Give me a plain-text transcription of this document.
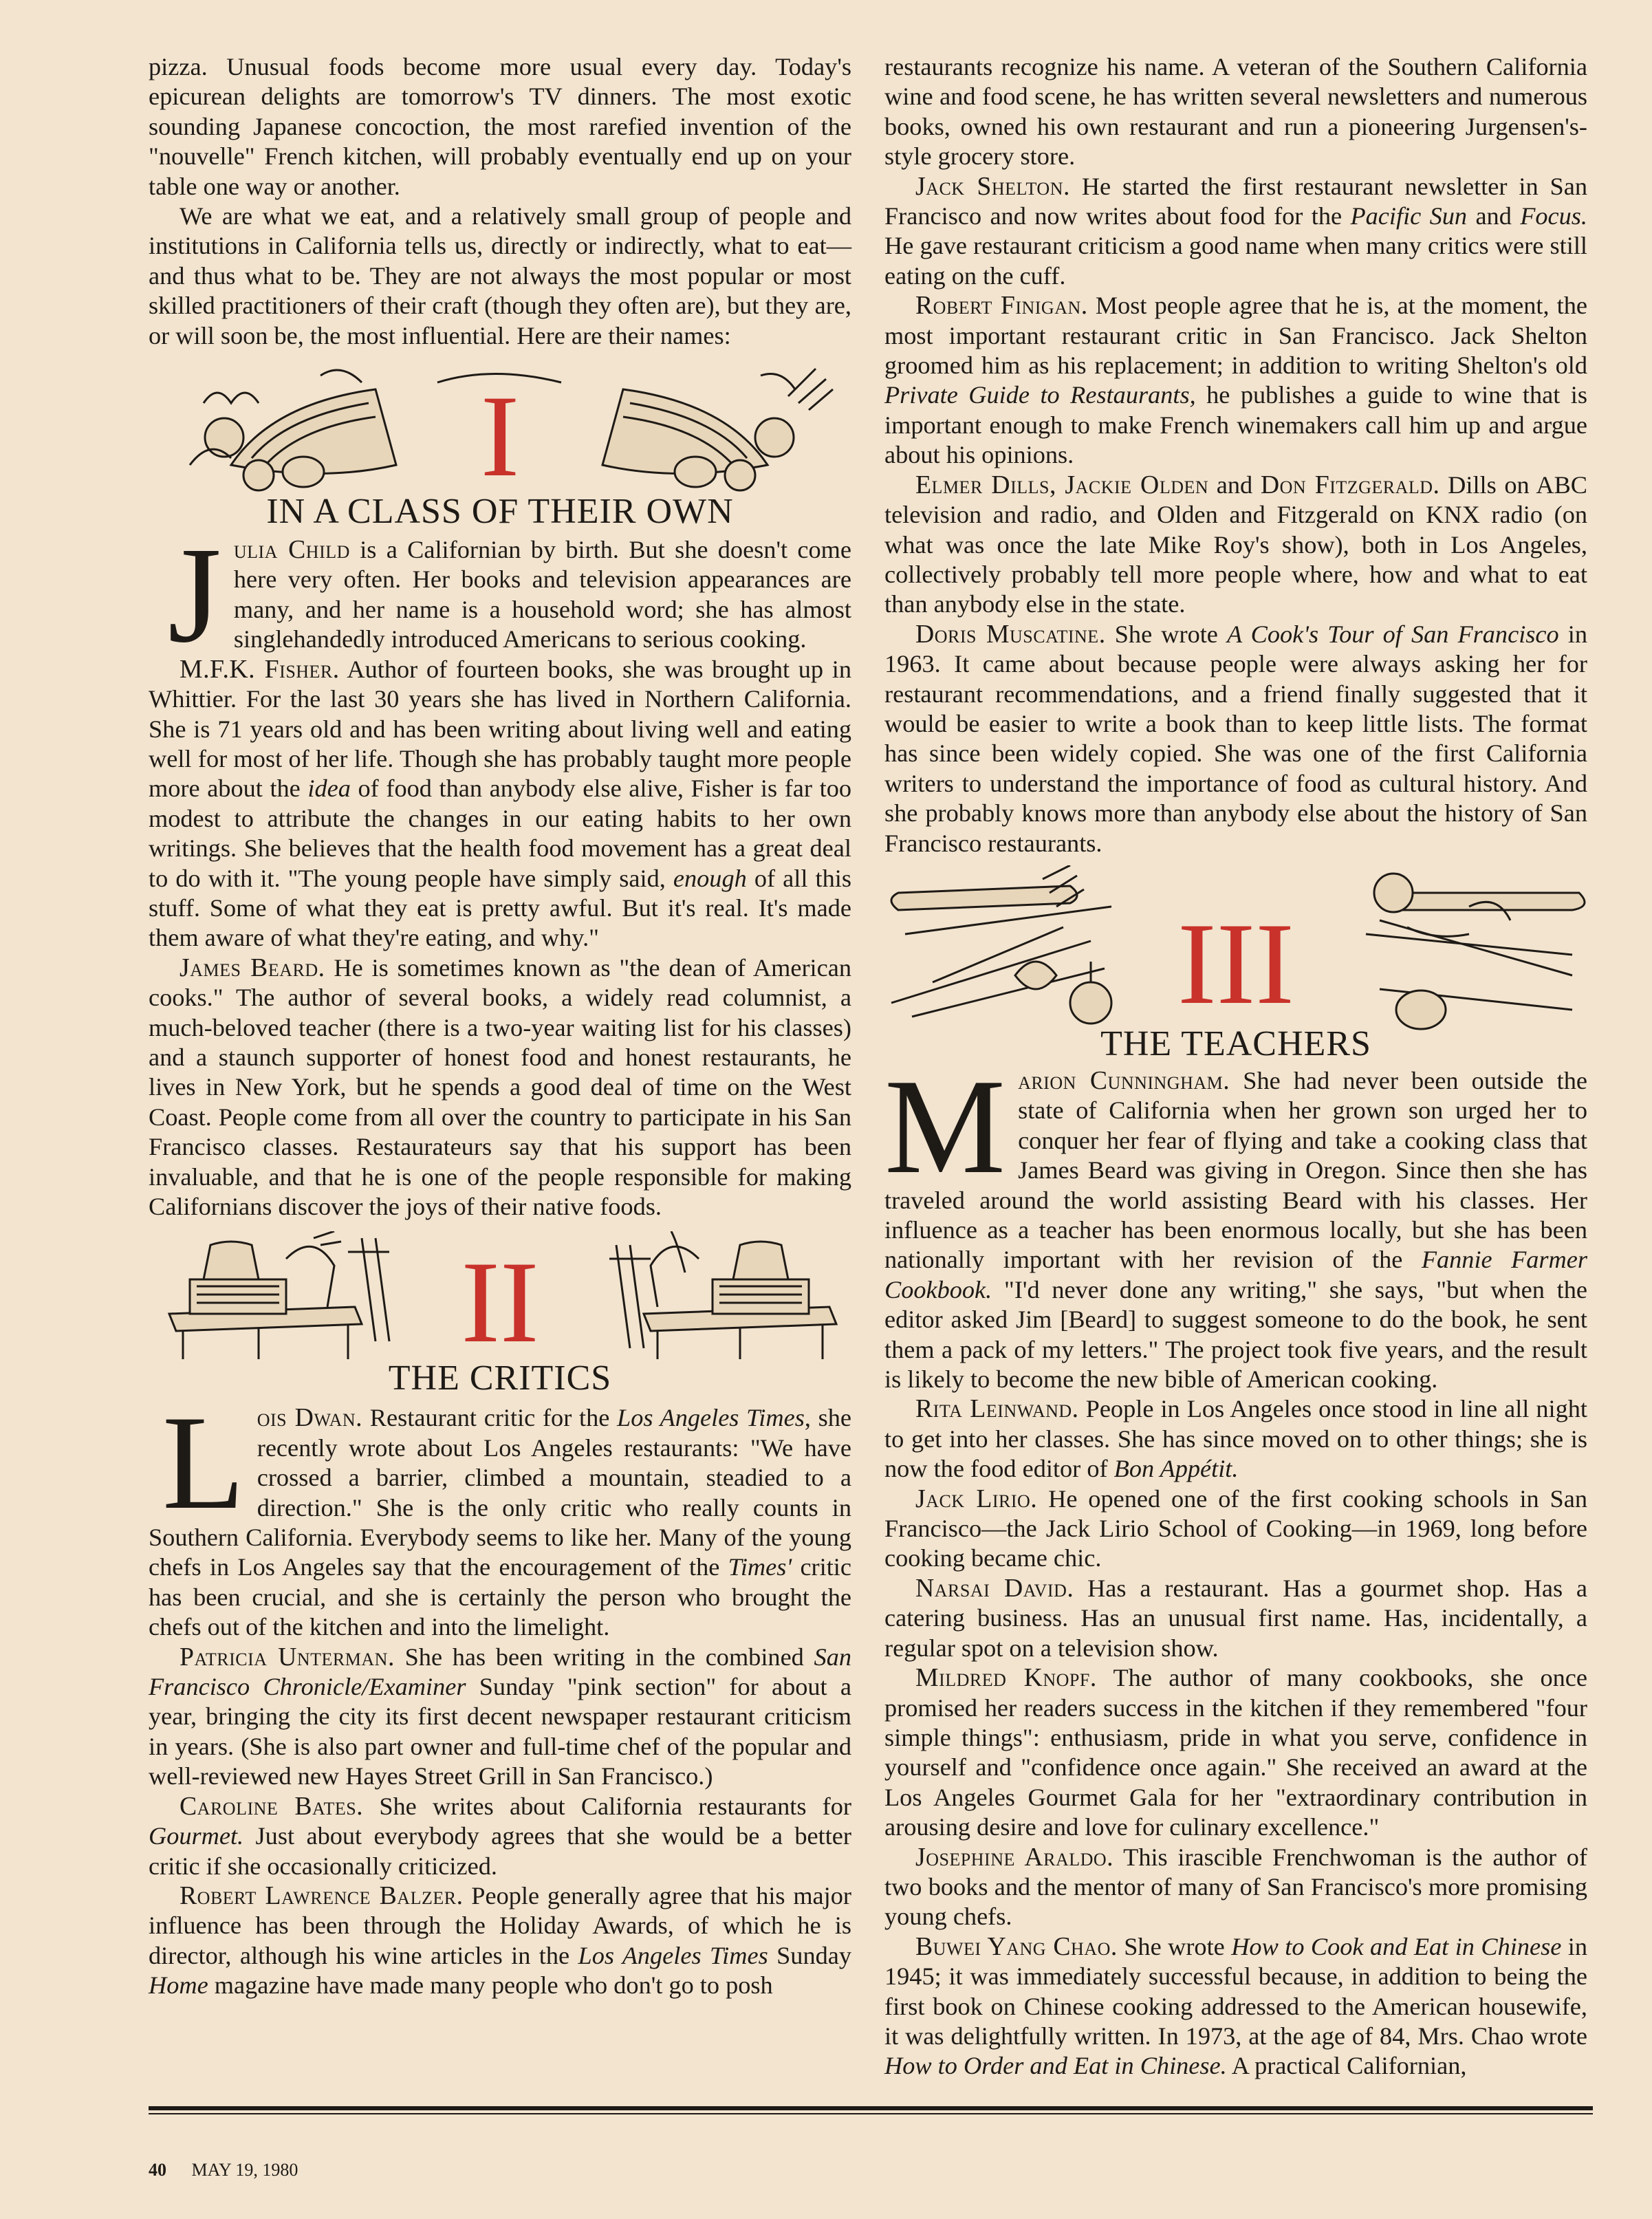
pizza. Unusual foods become more usual every day. Today's epicurean delights are tomorrow's TV dinners. The most exotic sounding Japanese concoction, the most rarefied invention of the "nouvelle" French kitchen, will probably eventually end up on your table one way or another.

We are what we eat, and a relatively small group of people and institutions in California tells us, directly or indirectly, what to eat—and thus what to be. They are not always the most popular or most skilled practitioners of their craft (though they often are), but they are, or will soon be, the most influential. Here are their names:

I
IN A CLASS OF THEIR OWN

Julia Child is a Californian by birth. But she doesn't come here very often. Her books and television appearances are many, and her name is a household word; she has almost singlehandedly introduced Americans to serious cooking.

M.F.K. Fisher. Author of fourteen books, she was brought up in Whittier. For the last 30 years she has lived in Northern California. She is 71 years old and has been writing about living well and eating well for most of her life. Though she has probably taught more people more about the idea of food than anybody else alive, Fisher is far too modest to attribute the changes in our eating habits to her own writings. She believes that the health food movement has a great deal to do with it. "The young people have simply said, enough of all this stuff. Some of what they eat is pretty awful. But it's real. It's made them aware of what they're eating, and why."

James Beard. He is sometimes known as "the dean of American cooks." The author of several books, a widely read columnist, a much-beloved teacher (there is a two-year waiting list for his classes) and a staunch supporter of honest food and honest restaurants, he lives in New York, but he spends a good deal of time on the West Coast. People come from all over the country to participate in his San Francisco classes. Restaurateurs say that his support has been invaluable, and that he is one of the people responsible for making Californians discover the joys of their native foods.

II
THE CRITICS

Lois Dwan. Restaurant critic for the Los Angeles Times, she recently wrote about Los Angeles restaurants: "We have crossed a barrier, climbed a mountain, steadied to a direction." She is the only critic who really counts in Southern California. Everybody seems to like her. Many of the young chefs in Los Angeles say that the encouragement of the Times' critic has been crucial, and she is certainly the person who brought the chefs out of the kitchen and into the limelight.

Patricia Unterman. She has been writing in the combined San Francisco Chronicle/Examiner Sunday "pink section" for about a year, bringing the city its first decent newspaper restaurant criticism in years. (She is also part owner and full-time chef of the popular and well-reviewed new Hayes Street Grill in San Francisco.)

Caroline Bates. She writes about California restaurants for Gourmet. Just about everybody agrees that she would be a better critic if she occasionally criticized.

Robert Lawrence Balzer. People generally agree that his major influence has been through the Holiday Awards, of which he is director, although his wine articles in the Los Angeles Times Sunday Home magazine have made many people who don't go to posh

restaurants recognize his name. A veteran of the Southern California wine and food scene, he has written several newsletters and numerous books, owned his own restaurant and run a pioneering Jurgensen's-style grocery store.

Jack Shelton. He started the first restaurant newsletter in San Francisco and now writes about food for the Pacific Sun and Focus. He gave restaurant criticism a good name when many critics were still eating on the cuff.

Robert Finigan. Most people agree that he is, at the moment, the most important restaurant critic in San Francisco. Jack Shelton groomed him as his replacement; in addition to writing Shelton's old Private Guide to Restaurants, he publishes a guide to wine that is important enough to make French winemakers call him up and argue about his opinions.

Elmer Dills, Jackie Olden and Don Fitzgerald. Dills on ABC television and radio, and Olden and Fitzgerald on KNX radio (on what was once the late Mike Roy's show), both in Los Angeles, collectively probably tell more people where, how and what to eat than anybody else in the state.

Doris Muscatine. She wrote A Cook's Tour of San Francisco in 1963. It came about because people were always asking her for restaurant recommendations, and a friend finally suggested that it would be easier to write a book than to keep little lists. The format has since been widely copied. She was one of the first California writers to understand the importance of food as cultural history. And she probably knows more than anybody else about the history of San Francisco restaurants.

III
THE TEACHERS

Marion Cunningham. She had never been outside the state of California when her grown son urged her to conquer her fear of flying and take a cooking class that James Beard was giving in Oregon. Since then she has traveled around the world assisting Beard with his classes. Her influence as a teacher has been enormous locally, but she has been nationally important with her revision of the Fannie Farmer Cookbook. "I'd never done any writing," she says, "but when the editor asked Jim [Beard] to suggest someone to do the book, he sent them a pack of my letters." The project took five years, and the result is likely to become the new bible of American cooking.

Rita Leinwand. People in Los Angeles once stood in line all night to get into her classes. She has since moved on to other things; she is now the food editor of Bon Appétit.

Jack Lirio. He opened one of the first cooking schools in San Francisco—the Jack Lirio School of Cooking—in 1969, long before cooking became chic.

Narsai David. Has a restaurant. Has a gourmet shop. Has a catering business. Has an unusual first name. Has, incidentally, a regular spot on a television show.

Mildred Knopf. The author of many cookbooks, she once promised her readers success in the kitchen if they remembered "four simple things": enthusiasm, pride in what you serve, confidence in yourself and "confidence once again." She received an award at the Los Angeles Gourmet Gala for her "extraordinary contribution in arousing desire and love for culinary excellence."

Josephine Araldo. This irascible Frenchwoman is the author of two books and the mentor of many of San Francisco's more promising young chefs.

Buwei Yang Chao. She wrote How to Cook and Eat in Chinese in 1945; it was immediately successful because, in addition to being the first book on Chinese cooking addressed to the American housewife, it was delightfully written. In 1973, at the age of 84, Mrs. Chao wrote How to Order and Eat in Chinese. A practical Californian,

40 MAY 19, 1980
